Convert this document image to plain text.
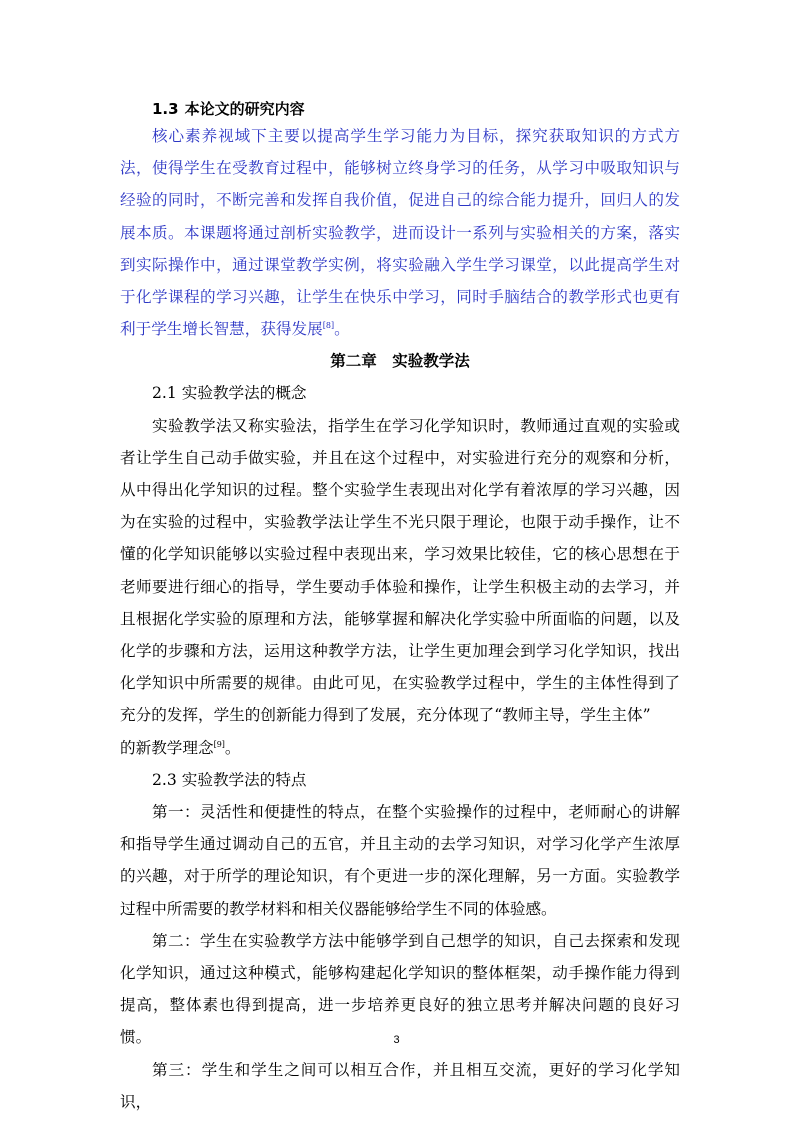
1.3 本论文的研究内容

核心素养视域下主要以提高学生学习能力为目标，探究获取知识的方式方法，使得学生在受教育过程中，能够树立终身学习的任务，从学习中吸取知识与经验的同时，不断完善和发挥自我价值，促进自己的综合能力提升，回归人的发展本质。本课题将通过剖析实验教学，进而设计一系列与实验相关的方案，落实到实际操作中，通过课堂教学实例，将实验融入学生学习课堂，以此提高学生对于化学课程的学习兴趣，让学生在快乐中学习，同时手脑结合的教学形式也更有利于学生增长智慧，获得发展[8]。

第二章　实验教学法
2.1 实验教学法的概念

实验教学法又称实验法，指学生在学习化学知识时，教师通过直观的实验或者让学生自己动手做实验，并且在这个过程中，对实验进行充分的观察和分析，从中得出化学知识的过程。整个实验学生表现出对化学有着浓厚的学习兴趣，因为在实验的过程中，实验教学法让学生不光只限于理论，也限于动手操作，让不懂的化学知识能够以实验过程中表现出来，学习效果比较佳，它的核心思想在于老师要进行细心的指导，学生要动手体验和操作，让学生积极主动的去学习，并且根据化学实验的原理和方法，能够掌握和解决化学实验中所面临的问题，以及化学的步骤和方法，运用这种教学方法，让学生更加理会到学习化学知识，找出化学知识中所需要的规律。由此可见，在实验教学过程中，学生的主体性得到了充分的发挥，学生的创新能力得到了发展，充分体现了“教师主导，学生主体”

的新教学理念[9]。

2.3 实验教学法的特点

第一：灵活性和便捷性的特点，在整个实验操作的过程中，老师耐心的讲解和指导学生通过调动自己的五官，并且主动的去学习知识，对学习化学产生浓厚的兴趣，对于所学的理论知识，有个更进一步的深化理解，另一方面。实验教学过程中所需要的教学材料和相关仪器能够给学生不同的体验感。

第二：学生在实验教学方法中能够学到自己想学的知识，自己去探索和发现化学知识，通过这种模式，能够构建起化学知识的整体框架，动手操作能力得到提高，整体素也得到提高，进一步培养更良好的独立思考并解决问题的良好习惯。

第三：学生和学生之间可以相互合作，并且相互交流，更好的学习化学知识，

3
